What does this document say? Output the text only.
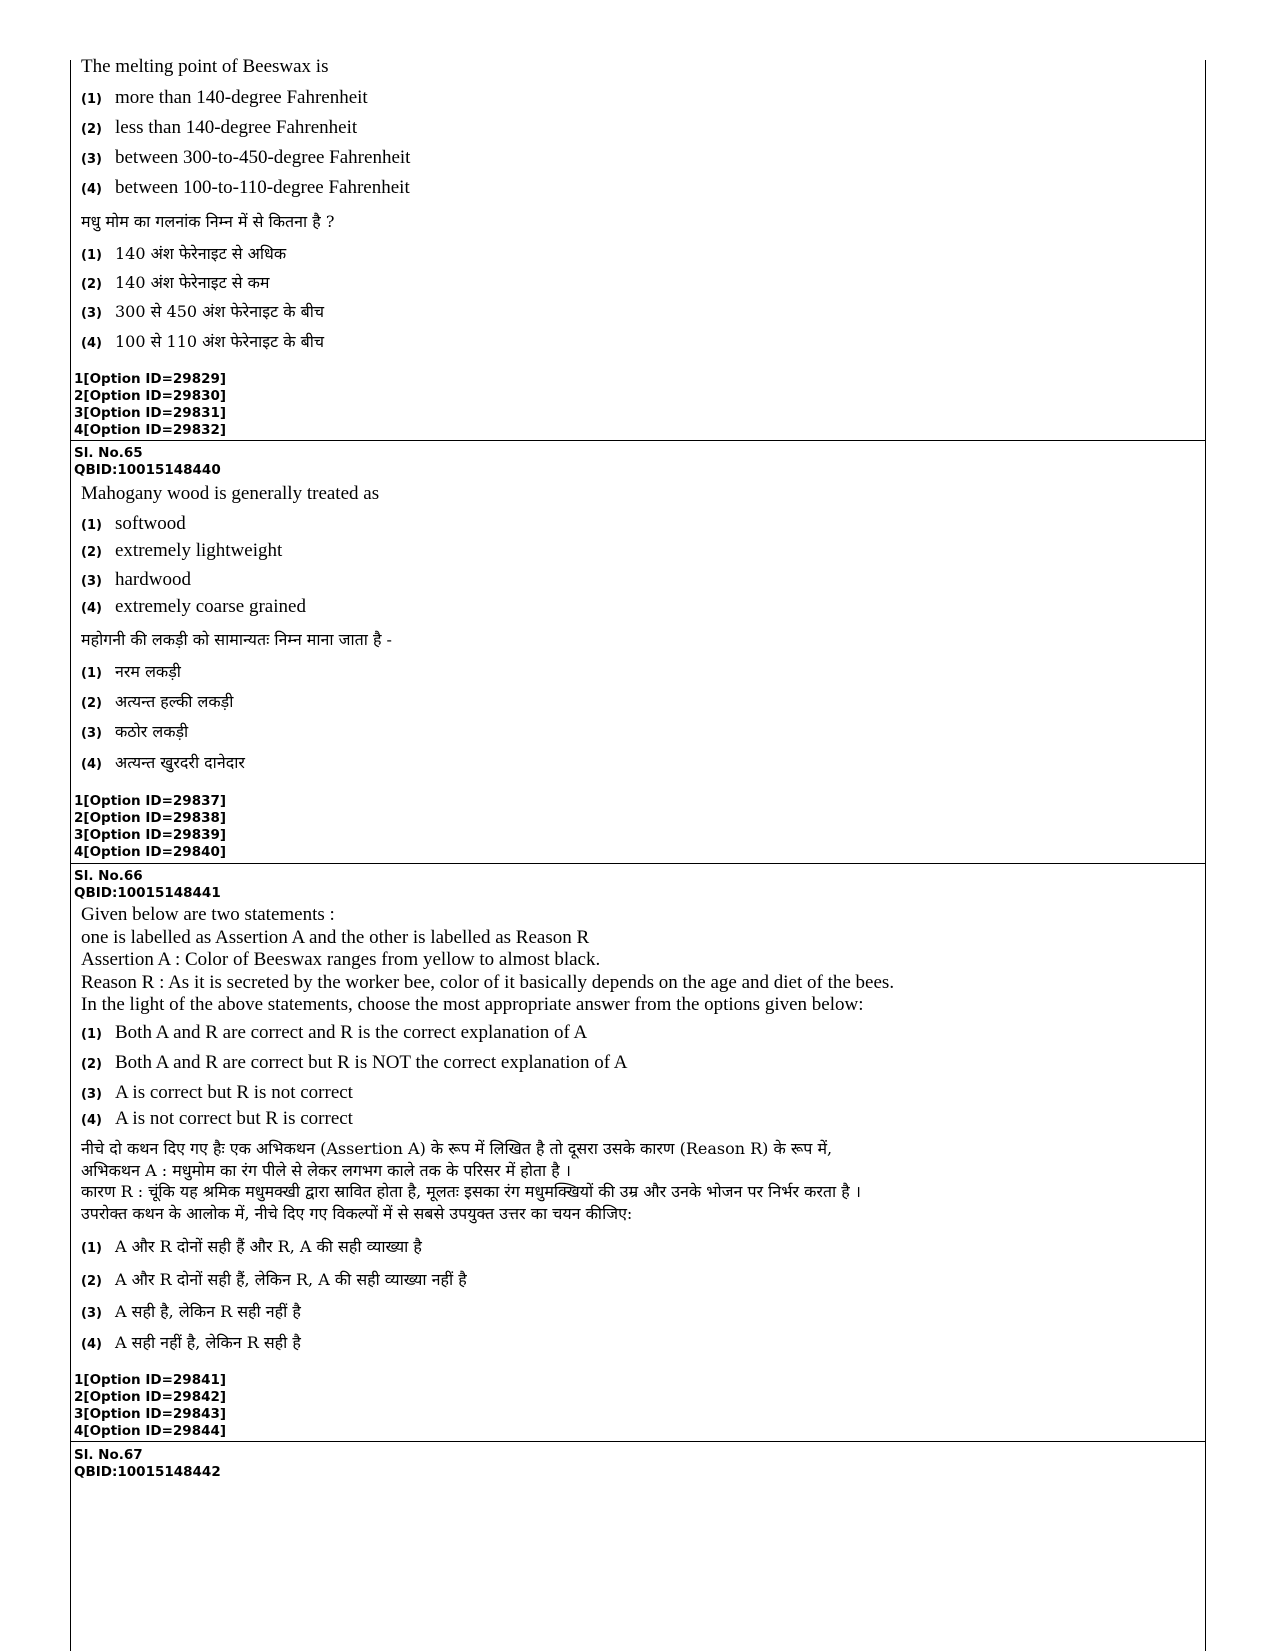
The melting point of Beeswax is
(1) more than 140-degree Fahrenheit
(2) less than 140-degree Fahrenheit
(3) between 300-to-450-degree Fahrenheit
(4) between 100-to-110-degree Fahrenheit
मधु मोम का गलनांक निम्न में से कितना है ?
(1) 140 अंश फेरेनाइट से अधिक
(2) 140 अंश फेरेनाइट से कम
(3) 300 से 450 अंश फेरेनाइट के बीच
(4) 100 से 110 अंश फेरेनाइट के बीच
1[Option ID=29829]
2[Option ID=29830]
3[Option ID=29831]
4[Option ID=29832]
Sl. No.65
QBID:10015148440
Mahogany wood is generally treated as
(1) softwood
(2) extremely lightweight
(3) hardwood
(4) extremely coarse grained
महोगनी की लकड़ी को सामान्यतः निम्न माना जाता है -
(1) नरम लकड़ी
(2) अत्यन्त हल्की लकड़ी
(3) कठोर लकड़ी
(4) अत्यन्त खुरदरी दानेदार
1[Option ID=29837]
2[Option ID=29838]
3[Option ID=29839]
4[Option ID=29840]
Sl. No.66
QBID:10015148441
Given below are two statements :
one is labelled as Assertion A and the other is labelled as Reason R
Assertion A : Color of Beeswax ranges from yellow to almost black.
Reason R : As it is secreted by the worker bee, color of it basically depends on the age and diet of the bees.
In the light of the above statements, choose the most appropriate answer from the options given below:
(1) Both A and R are correct and R is the correct explanation of A
(2) Both A and R are correct but R is NOT the correct explanation of A
(3) A is correct but R is not correct
(4) A is not correct but R is correct
नीचे दो कथन दिए गए हैः एक अभिकथन (Assertion A) के रूप में लिखित है तो दूसरा उसके कारण (Reason R) के रूप में,
अभिकथन A : मधुमोम का रंग पीले से लेकर लगभग काले तक के परिसर में होता है ।
कारण R : चूंकि यह श्रमिक मधुमक्खी द्वारा स्रावित होता है, मूलतः इसका रंग मधुमक्खियों की उम्र और उनके भोजन पर निर्भर करता है ।
उपरोक्त कथन के आलोक में, नीचे दिए गए विकल्पों में से सबसे उपयुक्त उत्तर का चयन कीजिए:
(1) A और R दोनों सही हैं और R, A की सही व्याख्या है
(2) A और R दोनों सही हैं, लेकिन R, A की सही व्याख्या नहीं है
(3) A सही है, लेकिन R सही नहीं है
(4) A सही नहीं है, लेकिन R सही है
1[Option ID=29841]
2[Option ID=29842]
3[Option ID=29843]
4[Option ID=29844]
Sl. No.67
QBID:10015148442
